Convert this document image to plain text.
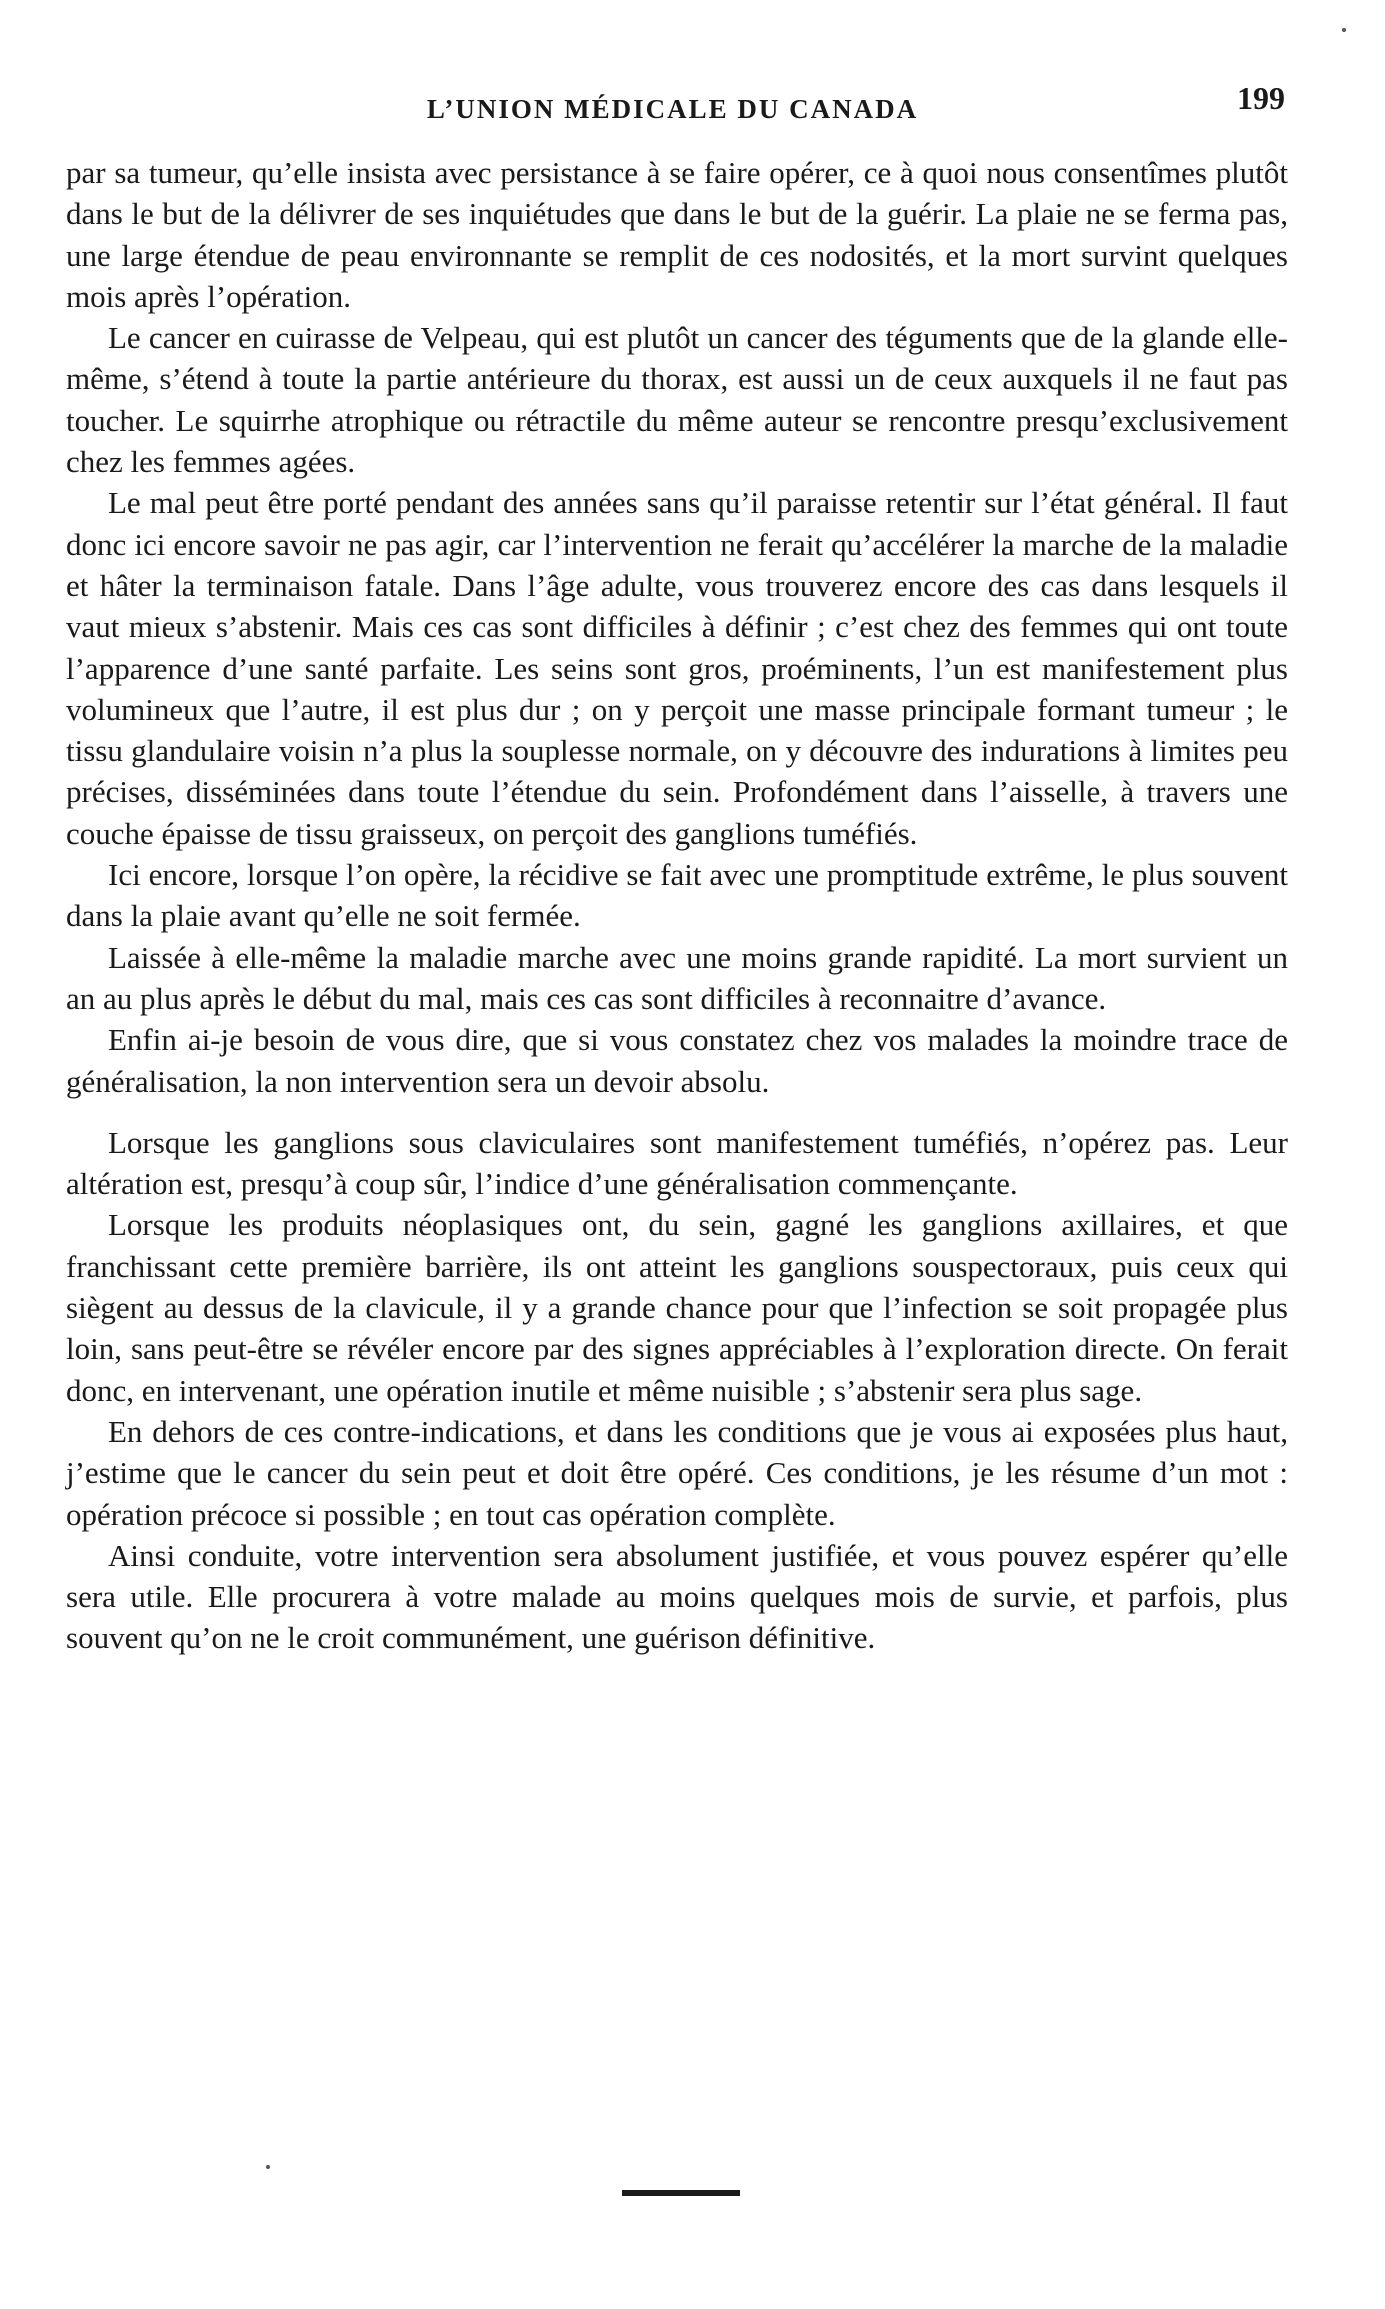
L’UNION MÉDICALE DU CANADA	199

par sa tumeur, qu’elle insista avec persistance à se faire opérer, ce à quoi nous consentîmes plutôt dans le but de la délivrer de ses inquiétudes que dans le but de la guérir. La plaie ne se ferma pas, une large étendue de peau environnante se remplit de ces nodosités, et la mort survint quelques mois après l’opération.

Le cancer en cuirasse de Velpeau, qui est plutôt un cancer des téguments que de la glande elle-même, s’étend à toute la partie antérieure du thorax, est aussi un de ceux auxquels il ne faut pas toucher. Le squirrhe atrophique ou rétractile du même auteur se rencontre presqu’exclusivement chez les femmes agées.

Le mal peut être porté pendant des années sans qu’il paraisse retentir sur l’état général. Il faut donc ici encore savoir ne pas agir, car l’intervention ne ferait qu’accélérer la marche de la maladie et hâter la terminaison fatale. Dans l’âge adulte, vous trouverez encore des cas dans lesquels il vaut mieux s’abstenir. Mais ces cas sont difficiles à définir ; c’est chez des femmes qui ont toute l’apparence d’une santé parfaite. Les seins sont gros, proéminents, l’un est manifestement plus volumineux que l’autre, il est plus dur ; on y perçoit une masse principale formant tumeur ; le tissu glandulaire voisin n’a plus la souplesse normale, on y découvre des indurations à limites peu précises, disséminées dans toute l’étendue du sein. Profondément dans l’aisselle, à travers une couche épaisse de tissu graisseux, on perçoit des ganglions tuméfiés.

Ici encore, lorsque l’on opère, la récidive se fait avec une promptitude extrême, le plus souvent dans la plaie avant qu’elle ne soit fermée.

Laissée à elle-même la maladie marche avec une moins grande rapidité. La mort survient un an au plus après le début du mal, mais ces cas sont difficiles à reconnaitre d’avance.

Enfin ai-je besoin de vous dire, que si vous constatez chez vos malades la moindre trace de généralisation, la non intervention sera un devoir absolu.

Lorsque les ganglions sous claviculaires sont manifestement tuméfiés, n’opérez pas. Leur altération est, presqu’à coup sûr, l’indice d’une généralisation commençante.

Lorsque les produits néoplasiques ont, du sein, gagné les ganglions axillaires, et que franchissant cette première barrière, ils ont atteint les ganglions souspectoraux, puis ceux qui siègent au dessus de la clavicule, il y a grande chance pour que l’infection se soit propagée plus loin, sans peut-être se révéler encore par des signes appréciables à l’exploration directe. On ferait donc, en intervenant, une opération inutile et même nuisible ; s’abstenir sera plus sage.

En dehors de ces contre-indications, et dans les conditions que je vous ai exposées plus haut, j’estime que le cancer du sein peut et doit être opéré. Ces conditions, je les résume d’un mot : opération précoce si possible ; en tout cas opération complète.

Ainsi conduite, votre intervention sera absolument justifiée, et vous pouvez espérer qu’elle sera utile. Elle procurera à votre malade au moins quelques mois de survie, et parfois, plus souvent qu’on ne le croit communément, une guérison définitive.
